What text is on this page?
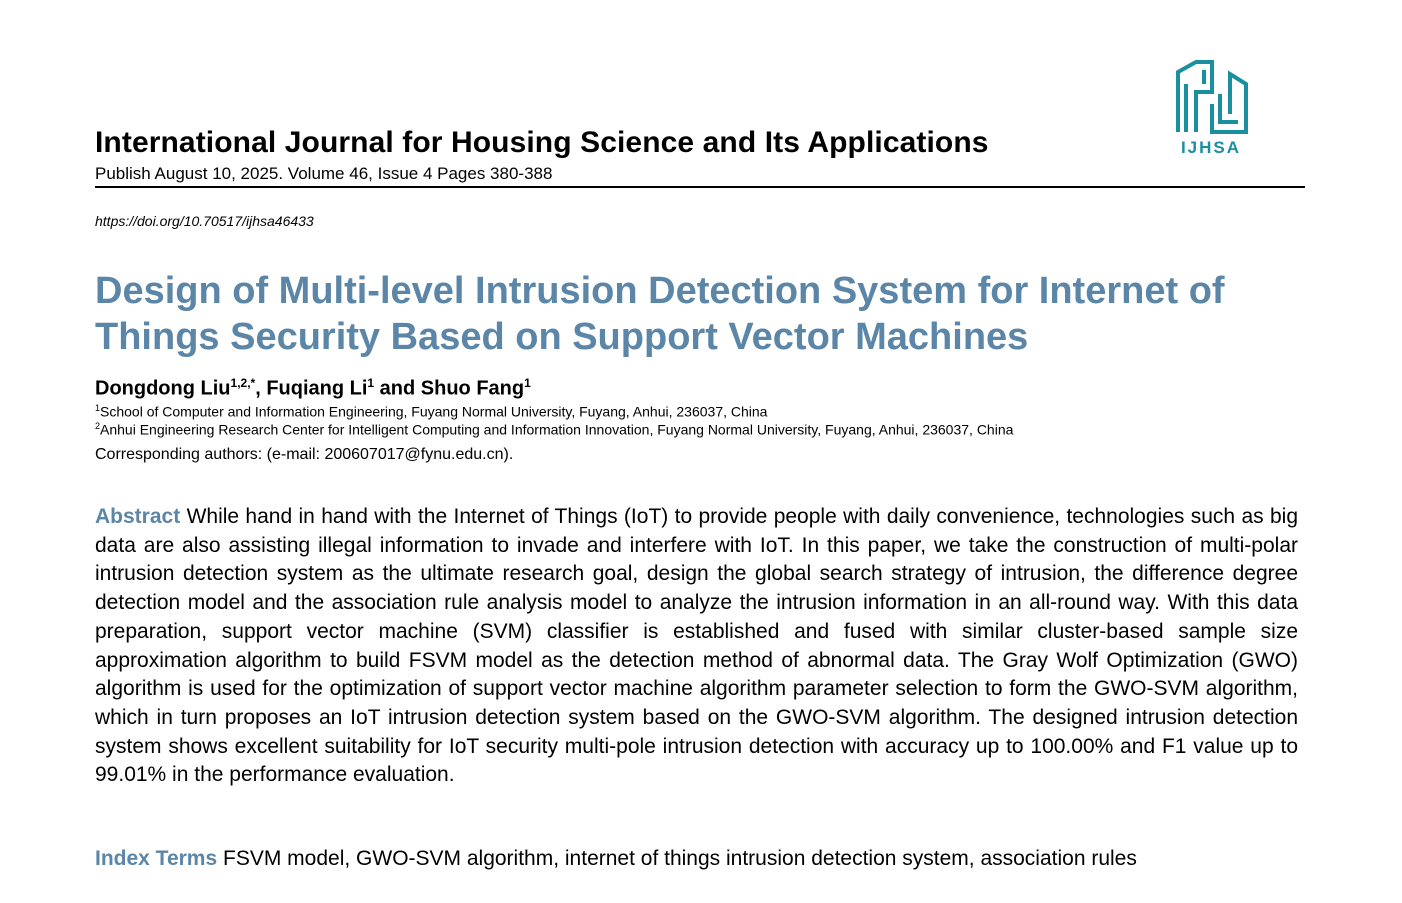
International Journal for Housing Science and Its Applications
Publish August 10, 2025. Volume 46, Issue 4 Pages 380-388
IJHSA
https://doi.org/10.70517/ijhsa46433
Design of Multi-level Intrusion Detection System for Internet of Things Security Based on Support Vector Machines
Dongdong Liu$^{1,2,*}$, Fuqiang Li$^1$ and Shuo Fang$^1$
$^1$School of Computer and Information Engineering, Fuyang Normal University, Fuyang, Anhui, 236037, China
$^2$Anhui Engineering Research Center for Intelligent Computing and Information Innovation, Fuyang Normal University, Fuyang, Anhui, 236037, China
Corresponding authors: (e-mail: 200607017@fynu.edu.cn).
Abstract While hand in hand with the Internet of Things (IoT) to provide people with daily convenience, technologies such as big data are also assisting illegal information to invade and interfere with IoT. In this paper, we take the construction of multi-polar intrusion detection system as the ultimate research goal, design the global search strategy of intrusion, the difference degree detection model and the association rule analysis model to analyze the intrusion information in an all-round way. With this data preparation, support vector machine (SVM) classifier is established and fused with similar cluster-based sample size approximation algorithm to build FSVM model as the detection method of abnormal data. The Gray Wolf Optimization (GWO) algorithm is used for the optimization of support vector machine algorithm parameter selection to form the GWO-SVM algorithm, which in turn proposes an IoT intrusion detection system based on the GWO-SVM algorithm. The designed intrusion detection system shows excellent suitability for IoT security multi-pole intrusion detection with accuracy up to 100.00% and F1 value up to 99.01% in the performance evaluation.
Index Terms FSVM model, GWO-SVM algorithm, internet of things intrusion detection system, association rules
